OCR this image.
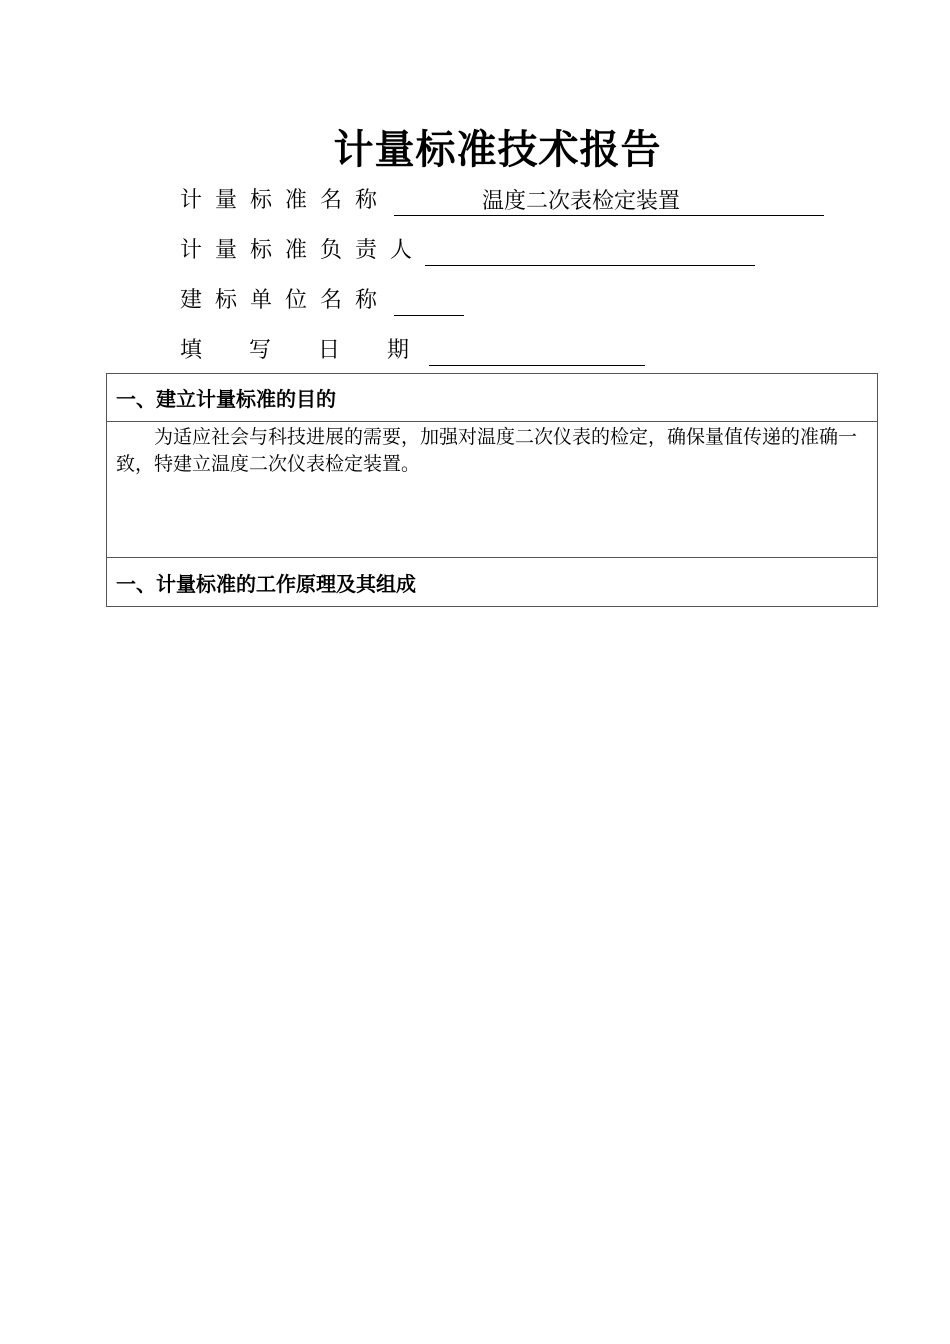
计量标准技术报告
计量标准名称	温度二次表检定装置
计量标准负责人
建标单位名称
填 写 日 期
一、建立计量标准的目的
为适应社会与科技进展的需要，加强对温度二次仪表的检定，确保量值传递的准确一致，特建立温度二次仪表检定装置。
一、计量标准的工作原理及其组成
